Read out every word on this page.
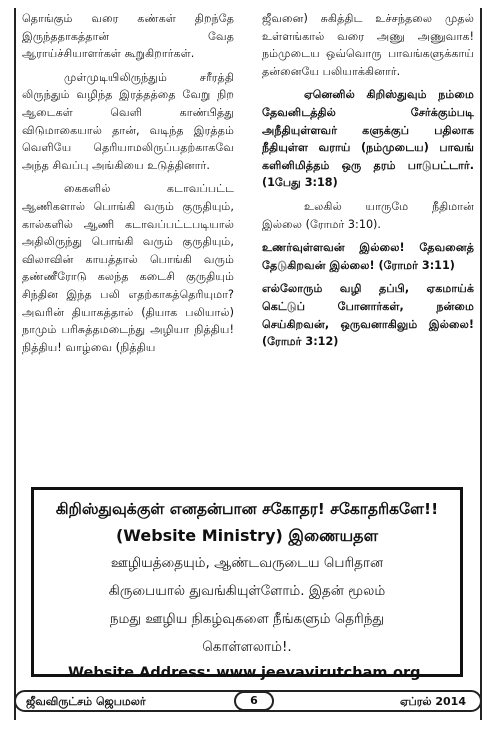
தொங்கும் வரை கண்கள் திறந்தே இருந்ததாகத்தான் வேத ஆராய்ச்சியாளர்கள் கூறுகிறார்கள்.

முள்முடியிலிருந்தும் சரீரத்தி லிருந்தும் வழிந்த இரத்தத்தை வேறு நிற ஆடைகள் வெளி காண்பித்து விடுமாகையால் தான், வடிந்த இரத்தம் வெளியே தெரியாமலிருப்பதற்காகவே அந்த சிவப்பு அங்கியை உடுத்தினார்.

கைகளில் கடாவப்பட்ட ஆணிகளால் பொங்கி வரும் குருதியும், கால்களில் ஆணி கடாவப்பட்டபடியால் அதிலிருந்து பொங்கி வரும் குருதியும், விலாவின் காயத்தால் பொங்கி வரும் தண்ணீரோடு கலந்த கடைசி குருதியும் சிந்தின இந்த பலி எதற்காகத்தெரியுமா? அவரின் தியாகத்தால் (தியாக பலியால்) நாமும் பரிசுத்தமடைந்து அழியா நித்திய! நித்திய! வாழ்வை (நித்திய

ஜீவனை) சுகித்திட உச்சந்தலை முதல் உள்ளங்கால் வரை அணு அணுவாக! நம்முடைய ஒவ்வொரு பாவங்களுக்காய் தன்னையே பலியாக்கினார்.

ஏனெனில் கிறிஸ்துவும் நம்மை தேவனிடத்தில் சேர்க்கும்படி அநீதியுள்ளவர் களுக்குப் பதிலாக நீதியுள்ள வராய் (நம்முடைய) பாவங் களினிமித்தம் ஒரு தரம் பாடுபட்டார். (1பேது 3:18)

உலகில் யாருமே நீதிமான் இல்லை (ரோமர் 3:10).

உணர்வுள்ளவன் இல்லை! தேவனைத் தேடுகிறவன் இல்லை! (ரோமர் 3:11)

எல்லோரும் வழி தப்பி, ஏகமாய்க் கெட்டுப் போனார்கள், நன்மை செய்கிறவன், ஒருவனாகிலும் இல்லை! (ரோமர் 3:12)

கிறிஸ்துவுக்குள் எனதன்பான சகோதர! சகோதரிகளே!!
(Website Ministry) இணையதள
ஊழியத்தையும், ஆண்டவருடைய பெரிதான
கிருபையால் துவங்கியுள்ளோம். இதன் மூலம்
நமது ஊழிய நிகழ்வுகளை நீங்களும் தெரிந்து
கொள்ளலாம்!.
Website Address: www.jeevavirutcham.org.
ஜீவவிருட்சம் ஜெபமலர்	6	ஏப்ரல் 2014
